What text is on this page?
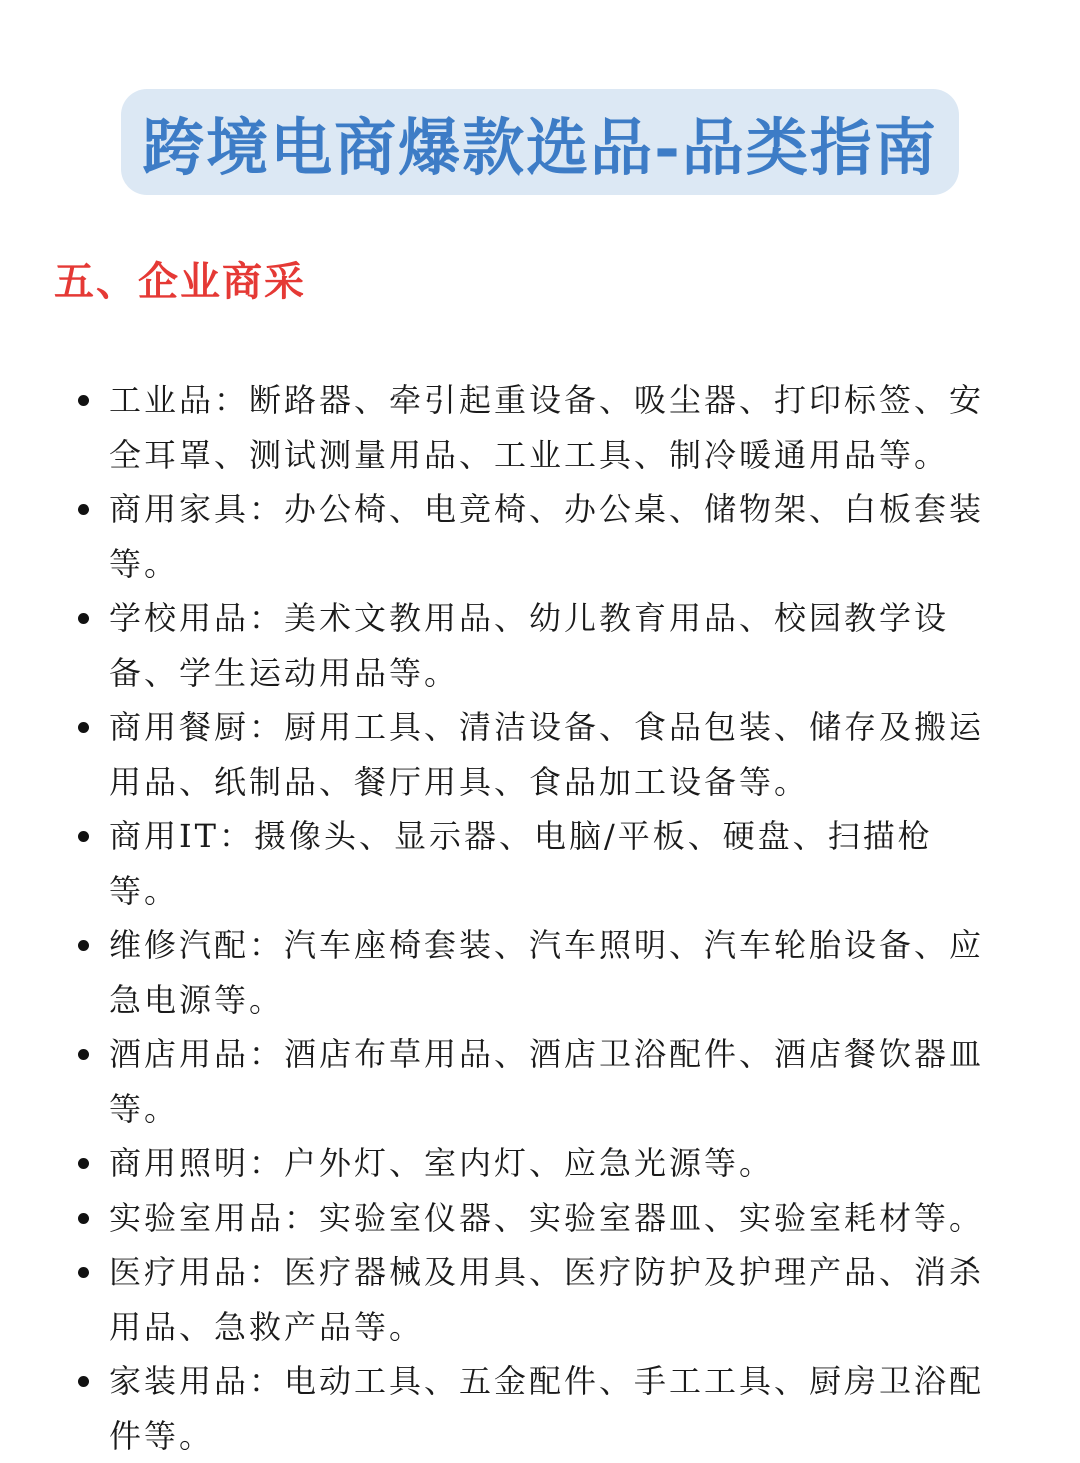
跨境电商爆款选品-品类指南
五、企业商采
工业品：断路器、牵引起重设备、吸尘器、打印标签、安全耳罩、测试测量用品、工业工具、制冷暖通用品等。
商用家具：办公椅、电竞椅、办公桌、储物架、白板套装等。
学校用品：美术文教用品、幼儿教育用品、校园教学设备、学生运动用品等。
商用餐厨：厨用工具、清洁设备、食品包装、储存及搬运用品、纸制品、餐厅用具、食品加工设备等。
商用IT：摄像头、显示器、电脑/平板、硬盘、扫描枪等。
维修汽配：汽车座椅套装、汽车照明、汽车轮胎设备、应急电源等。
酒店用品：酒店布草用品、酒店卫浴配件、酒店餐饮器皿等。
商用照明：户外灯、室内灯、应急光源等。
实验室用品：实验室仪器、实验室器皿、实验室耗材等。
医疗用品：医疗器械及用具、医疗防护及护理产品、消杀用品、急救产品等。
家装用品：电动工具、五金配件、手工工具、厨房卫浴配件等。
